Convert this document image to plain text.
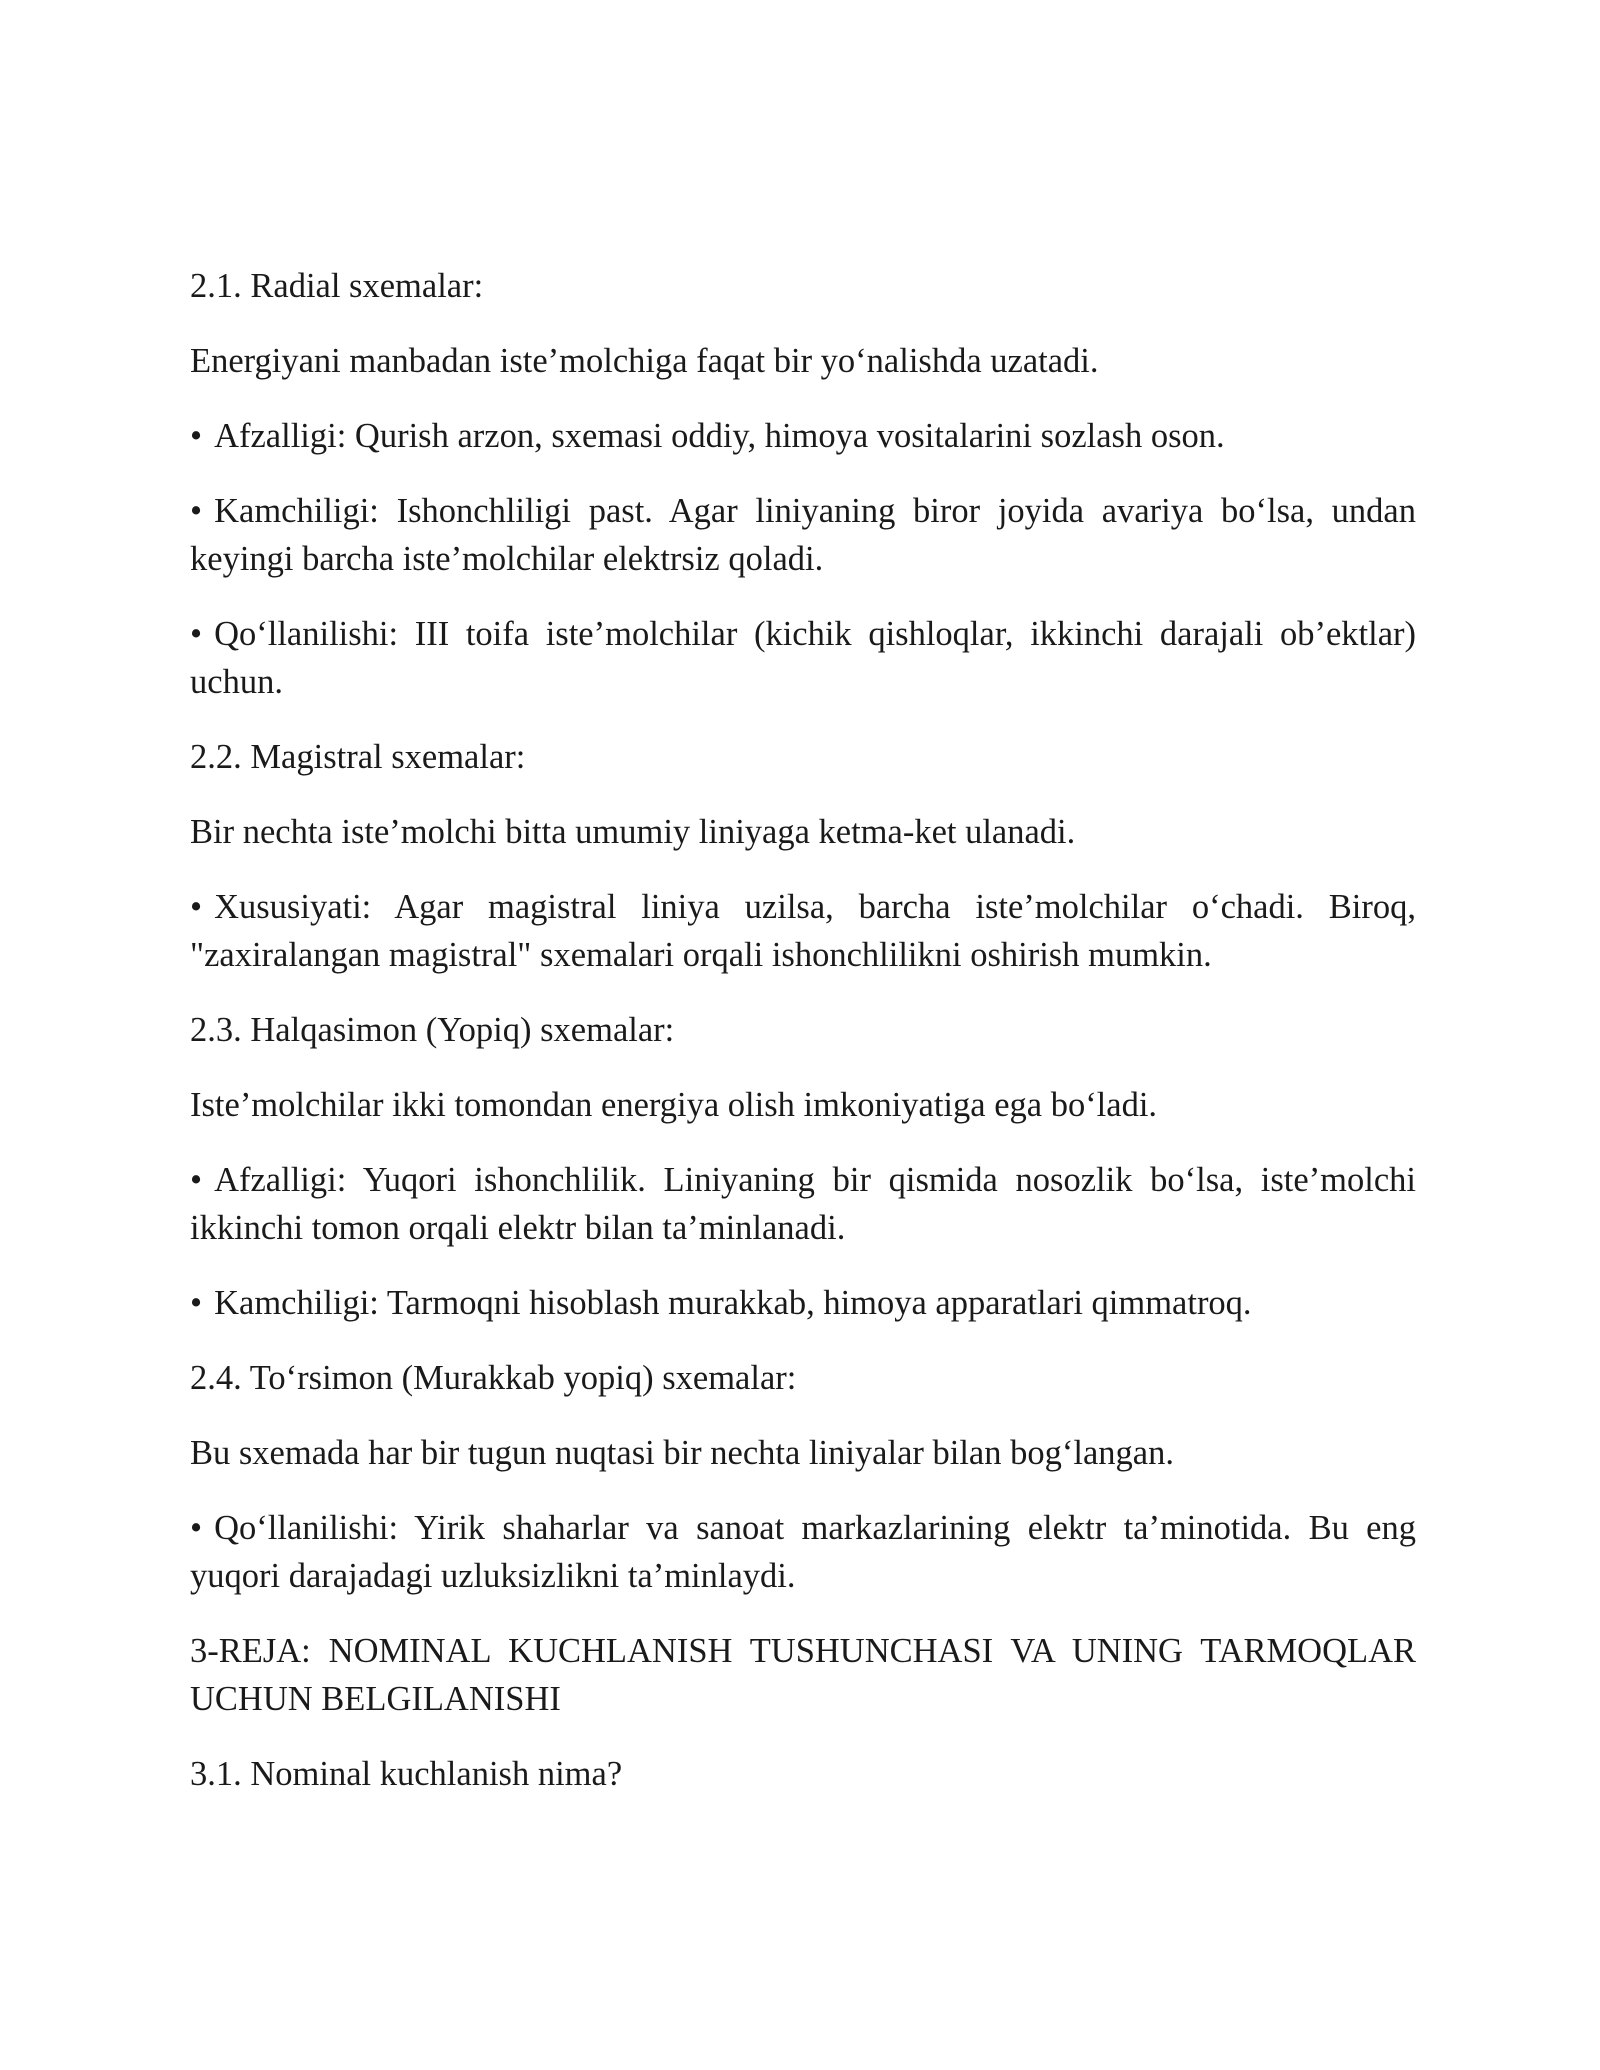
2.1. Radial sxemalar:

Energiyani manbadan iste’molchiga faqat bir yo‘nalishda uzatadi.

• Afzalligi: Qurish arzon, sxemasi oddiy, himoya vositalarini sozlash oson.

• Kamchiligi: Ishonchliligi past. Agar liniyaning biror joyida avariya bo‘lsa, undan keyingi barcha iste’molchilar elektrsiz qoladi.

• Qo‘llanilishi: III toifa iste’molchilar (kichik qishloqlar, ikkinchi darajali ob’ektlar) uchun.

2.2. Magistral sxemalar:

Bir nechta iste’molchi bitta umumiy liniyaga ketma-ket ulanadi.

• Xususiyati: Agar magistral liniya uzilsa, barcha iste’molchilar o‘chadi. Biroq, "zaxiralangan magistral" sxemalari orqali ishonchlilikni oshirish mumkin.

2.3. Halqasimon (Yopiq) sxemalar:

Iste’molchilar ikki tomondan energiya olish imkoniyatiga ega bo‘ladi.

• Afzalligi: Yuqori ishonchlilik. Liniyaning bir qismida nosozlik bo‘lsa, iste’molchi ikkinchi tomon orqali elektr bilan ta’minlanadi.

• Kamchiligi: Tarmoqni hisoblash murakkab, himoya apparatlari qimmatroq.

2.4. To‘rsimon (Murakkab yopiq) sxemalar:

Bu sxemada har bir tugun nuqtasi bir nechta liniyalar bilan bog‘langan.

• Qo‘llanilishi: Yirik shaharlar va sanoat markazlarining elektr ta’minotida. Bu eng yuqori darajadagi uzluksizlikni ta’minlaydi.

3-REJA: NOMINAL KUCHLANISH TUSHUNCHASI VA UNING TARMOQLAR UCHUN BELGILANISHI

3.1. Nominal kuchlanish nima?
